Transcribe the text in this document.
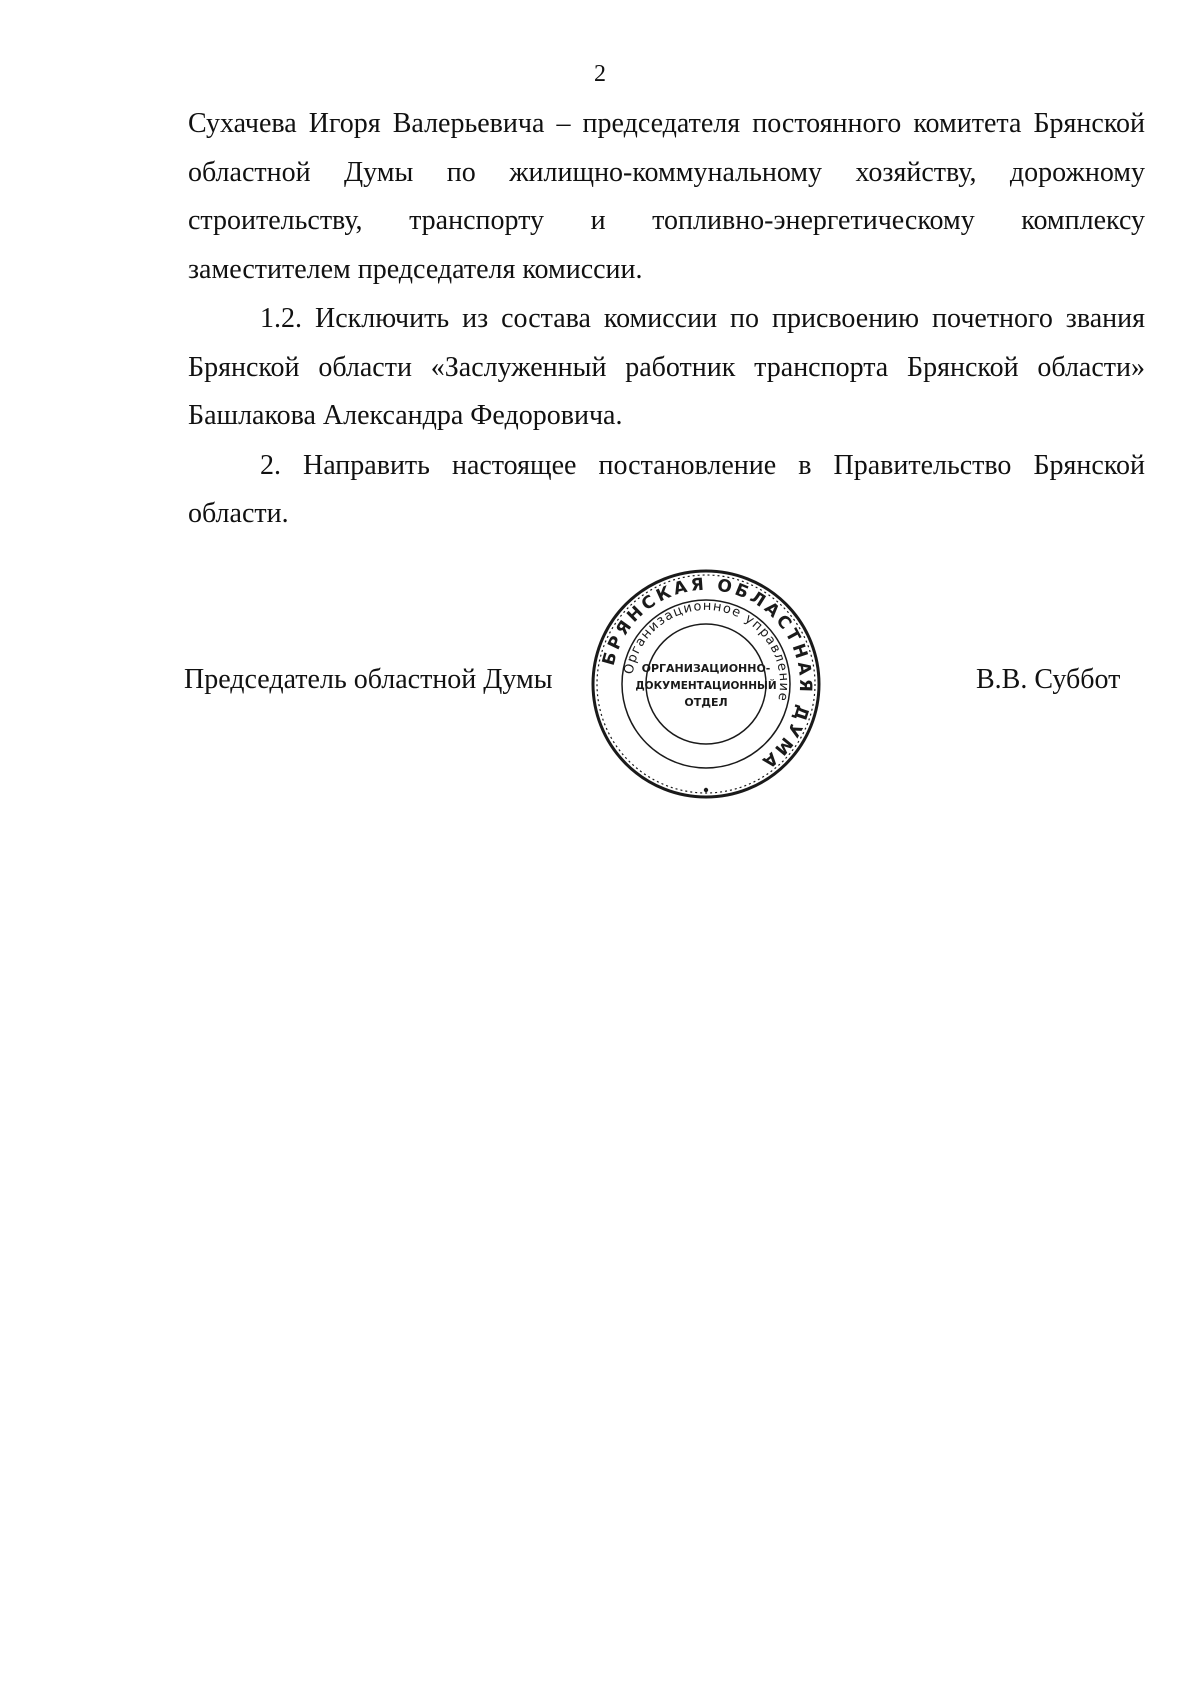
2

Сухачева Игоря Валерьевича – председателя постоянного комитета Брянской областной Думы по жилищно-коммунальному хозяйству, дорожному строительству, транспорту и топливно-энергетическому комплексу заместителем председателя комиссии.

1.2. Исключить из состава комиссии по присвоению почетного звания Брянской области «Заслуженный работник транспорта Брянской области» Башлакова Александра Федоровича.

2. Направить настоящее постановление в Правительство Брянской области.

Председатель областной Думы	В.В. Суббот
БРЯНСКАЯ ОБЛАСТНАЯ ДУМА
Организационное управление
ОРГАНИЗАЦИОННО-
ДОКУМЕНТАЦИОННЫЙ
ОТДЕЛ
